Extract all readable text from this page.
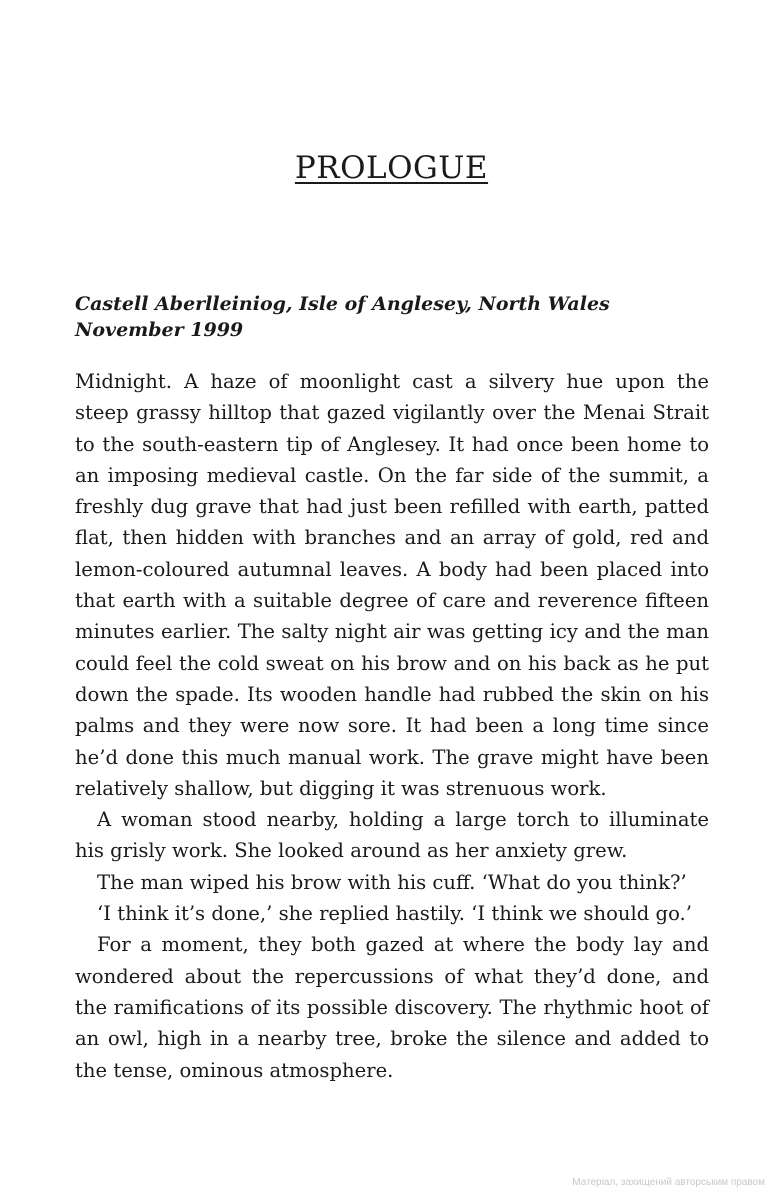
PROLOGUE
Castell Aberlleiniog, Isle of Anglesey, North Wales
November 1999

Midnight. A haze of moonlight cast a silvery hue upon the steep grassy hilltop that gazed vigilantly over the Menai Strait to the south-eastern tip of Anglesey. It had once been home to an imposing medieval castle. On the far side of the summit, a freshly dug grave that had just been refilled with earth, patted flat, then hidden with branches and an array of gold, red and lemon-coloured autumnal leaves. A body had been placed into that earth with a suitable degree of care and reverence fifteen minutes earlier. The salty night air was getting icy and the man could feel the cold sweat on his brow and on his back as he put down the spade. Its wooden handle had rubbed the skin on his palms and they were now sore. It had been a long time since he’d done this much manual work. The grave might have been relatively shallow, but digging it was strenuous work.

A woman stood nearby, holding a large torch to illuminate his grisly work. She looked around as her anxiety grew.

The man wiped his brow with his cuff. ‘What do you think?’

‘I think it’s done,’ she replied hastily. ‘I think we should go.’

For a moment, they both gazed at where the body lay and wondered about the repercussions of what they’d done, and the ramifications of its possible discovery. The rhythmic hoot of an owl, high in a nearby tree, broke the silence and added to the tense, ominous atmosphere.

Матеріал, захищений авторським правом
